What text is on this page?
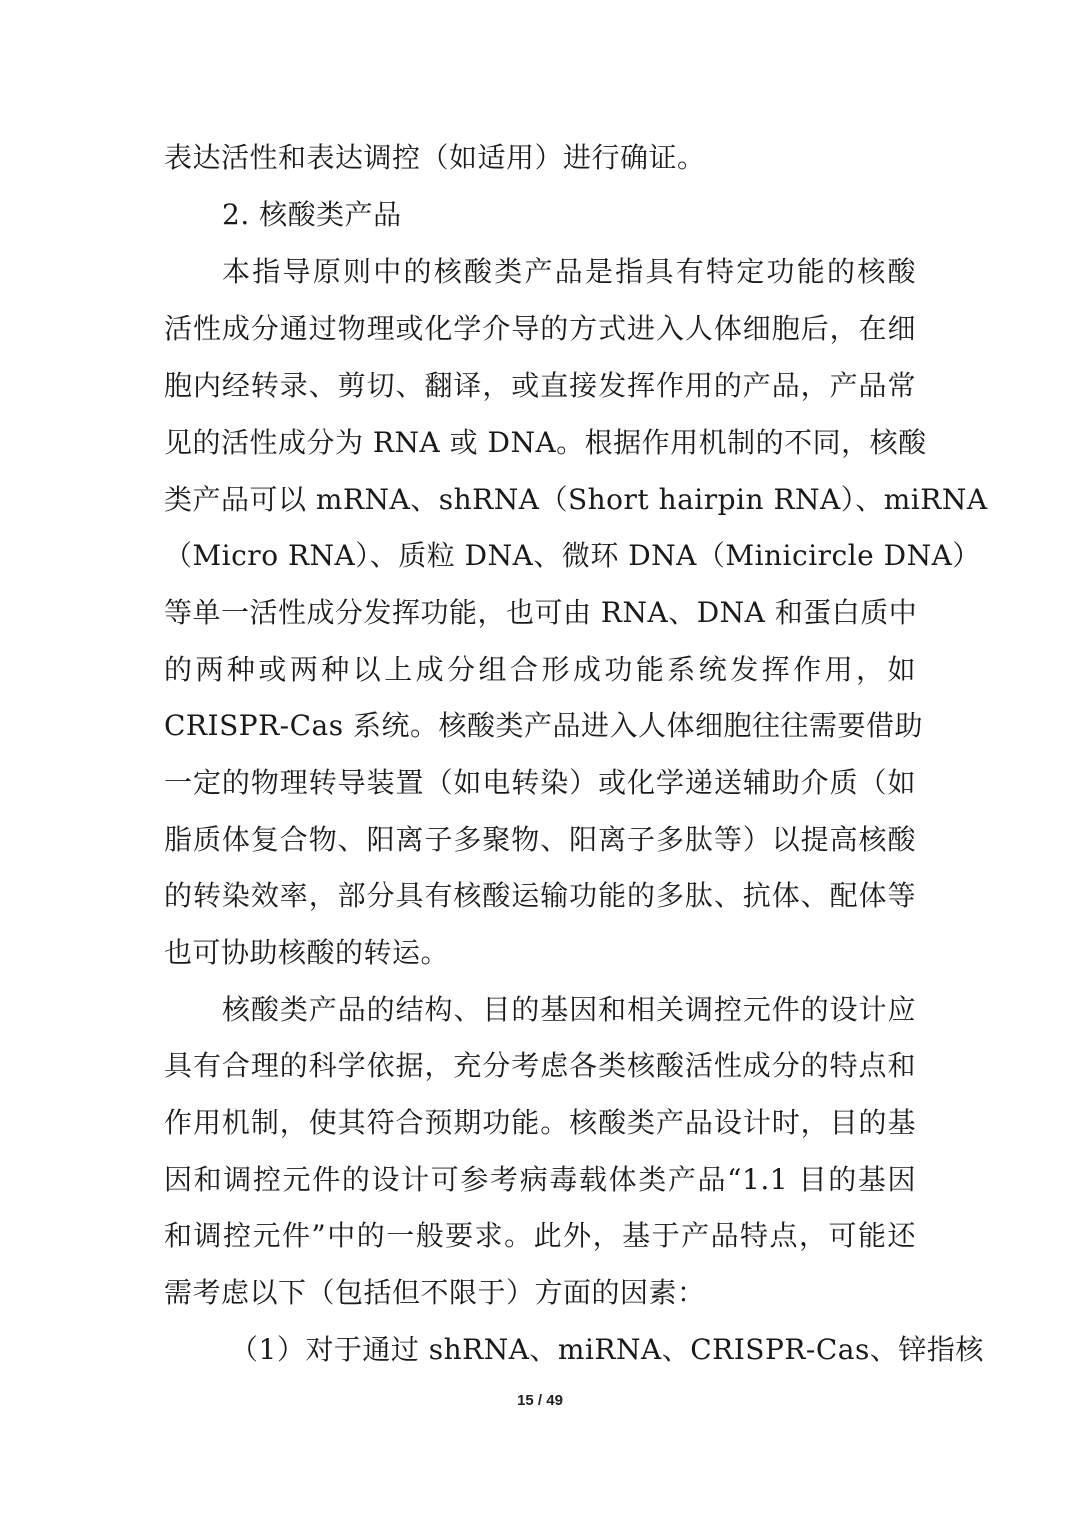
表达活性和表达调控（如适用）进行确证。
2. 核酸类产品
本指导原则中的核酸类产品是指具有特定功能的核酸
活性成分通过物理或化学介导的方式进入人体细胞后，在细
胞内经转录、剪切、翻译，或直接发挥作用的产品，产品常
见的活性成分为 RNA 或 DNA。根据作用机制的不同，核酸
类产品可以 mRNA、shRNA（Short hairpin RNA）、miRNA
（Micro RNA）、质粒 DNA、微环 DNA（Minicircle DNA）
等单一活性成分发挥功能，也可由 RNA、DNA 和蛋白质中
的两种或两种以上成分组合形成功能系统发挥作用，如
CRISPR-Cas 系统。核酸类产品进入人体细胞往往需要借助
一定的物理转导装置（如电转染）或化学递送辅助介质（如
脂质体复合物、阳离子多聚物、阳离子多肽等）以提高核酸
的转染效率，部分具有核酸运输功能的多肽、抗体、配体等
也可协助核酸的转运。
核酸类产品的结构、目的基因和相关调控元件的设计应
具有合理的科学依据，充分考虑各类核酸活性成分的特点和
作用机制，使其符合预期功能。核酸类产品设计时，目的基
因和调控元件的设计可参考病毒载体类产品“1.1 目的基因
和调控元件”中的一般要求。此外，基于产品特点，可能还
需考虑以下（包括但不限于）方面的因素：
（1）对于通过 shRNA、miRNA、CRISPR-Cas、锌指核
15 / 49
